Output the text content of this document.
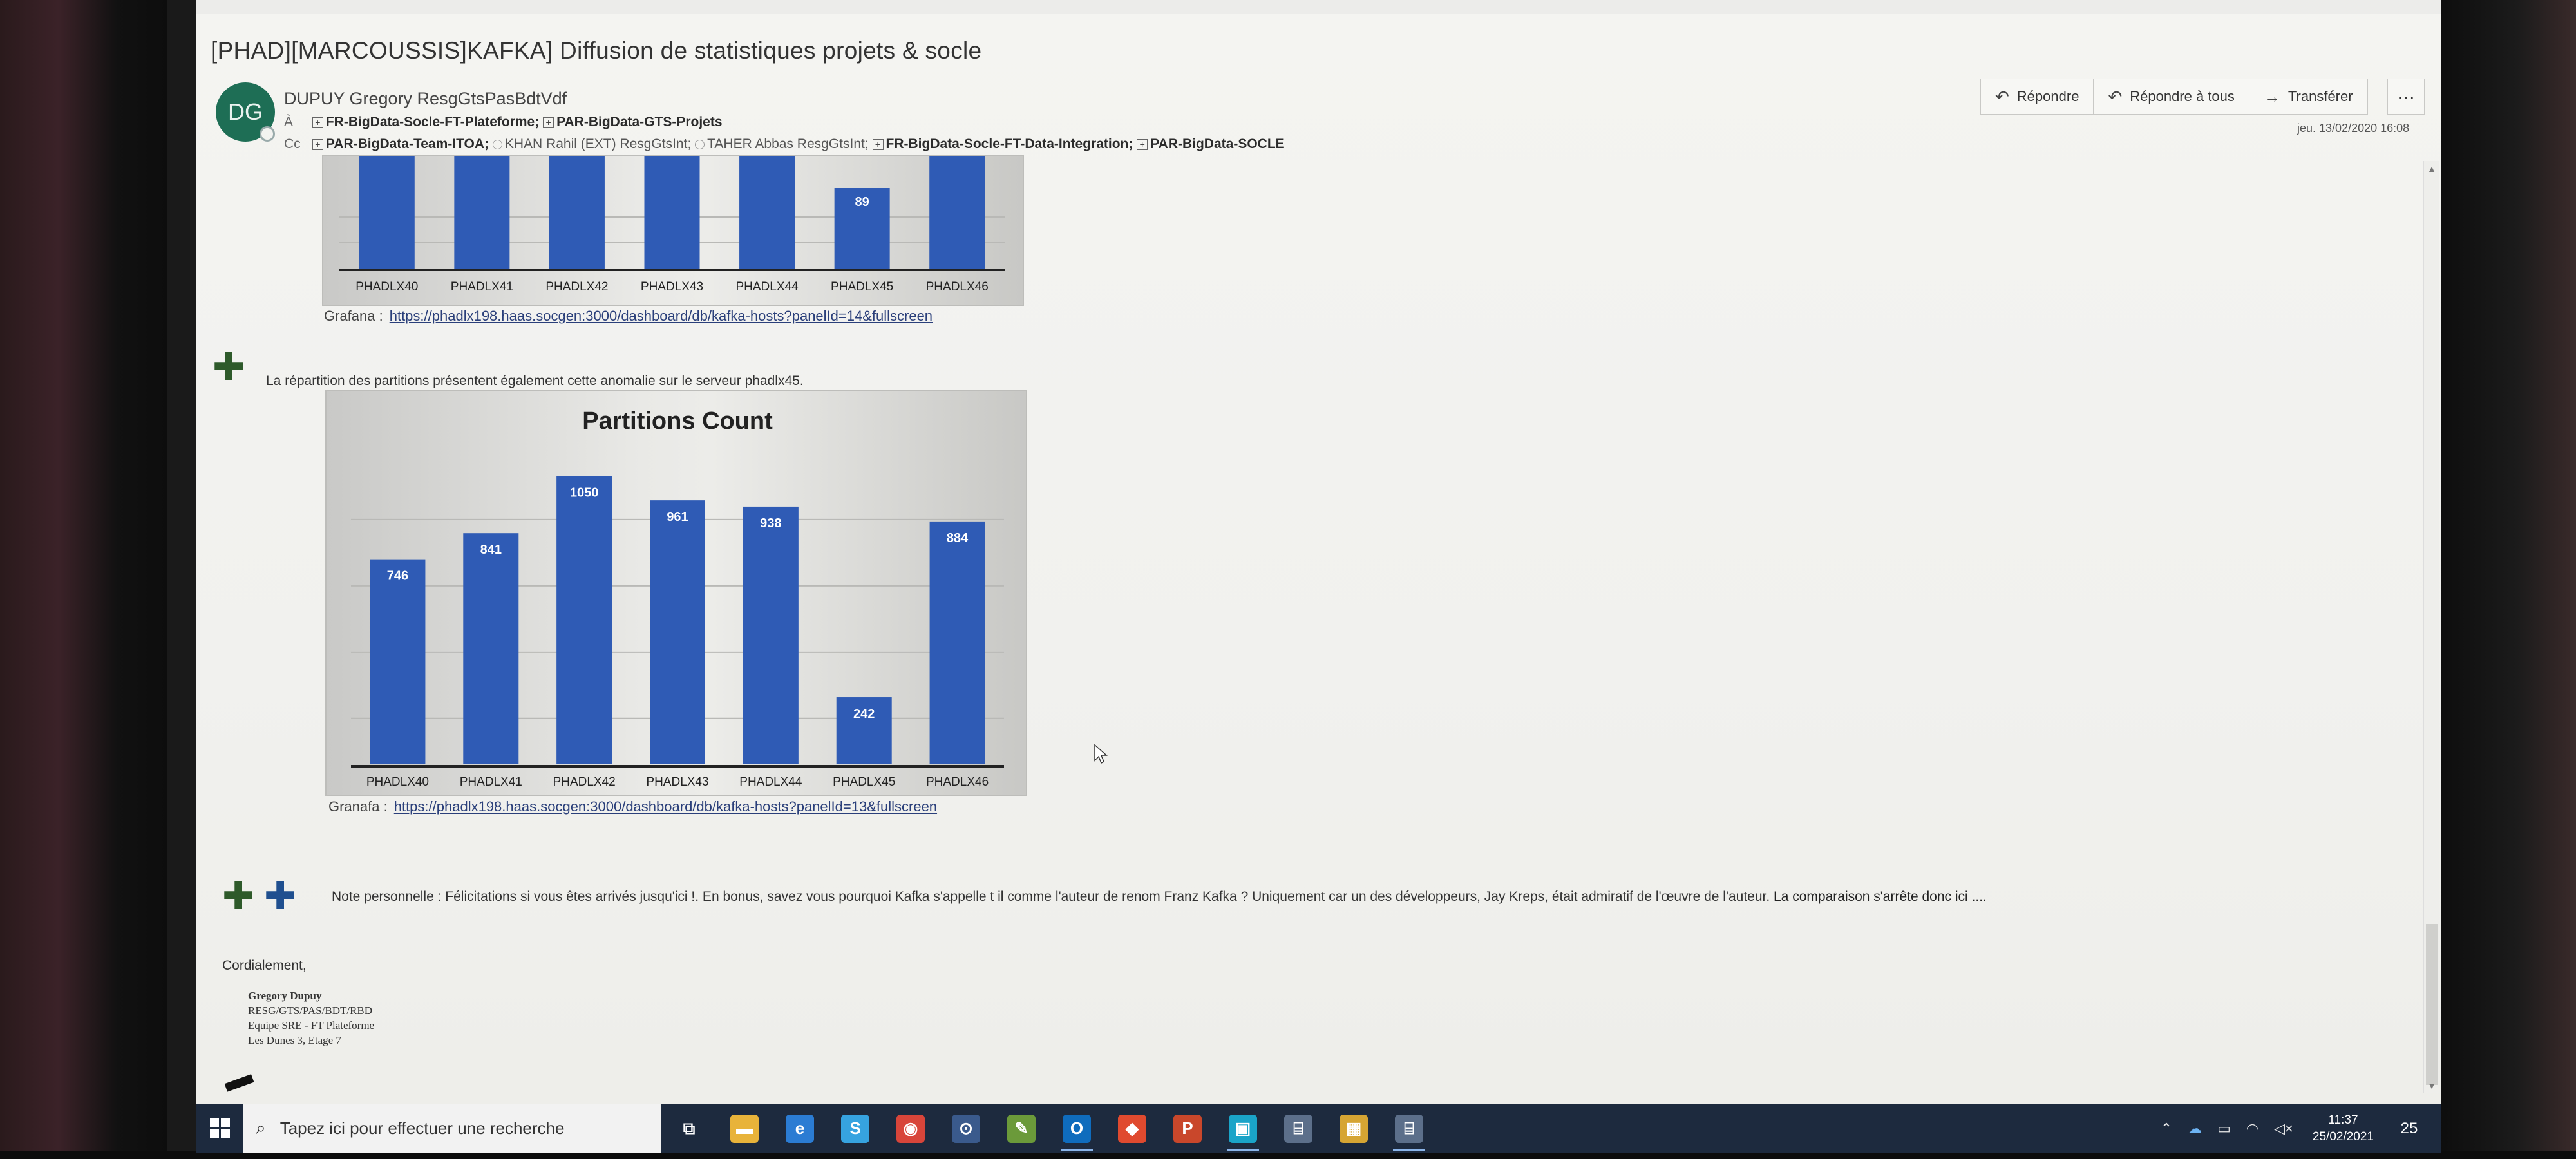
[PHAD][MARCOUSSIS]KAFKA] Diffusion de statistiques projets & socle
DG	DUPUY Gregory ResgGtsPasBdtVdf
À + FR-BigData-Socle-FT-Plateforme; + PAR-BigData-GTS-Projets
Cc + PAR-BigData-Team-ITOA; KHAN Rahil (EXT) ResgGtsInt; TAHER Abbas ResgGtsInt; + FR-BigData-Socle-FT-Data-Integration; + PAR-BigData-SOCLE
↶ Répondre ↶ Répondre à tous → Transférer	···
jeu. 13/02/2020 16:08
PHADLX40	PHADLX41	PHADLX42	PHADLX43	PHADLX44
89
PHADLX45	PHADLX46
Grafana : https://phadlx198.haas.socgen:3000/dashboard/db/kafka-hosts?panelId=14&fullscreen
✚ La répartition des partitions présentent également cette anomalie sur le serveur phadlx45.
Partitions Count
746
PHADLX40
841
PHADLX41
1050
PHADLX42
961
PHADLX43
938
PHADLX44
242
PHADLX45
884
PHADLX46
Granafa : https://phadlx198.haas.socgen:3000/dashboard/db/kafka-hosts?panelId=13&fullscreen
✚ ✚	Note personnelle : Félicitations si vous êtes arrivés jusqu'ici !. En bonus, savez vous pourquoi Kafka s'appelle t il comme l'auteur de renom Franz Kafka ? Uniquement car un des développeurs, Jay Kreps, était admiratif de l'œuvre de l'auteur. La comparaison s'arrête donc ici ....
Cordialement,
Gregory Dupuy
RESG/GTS/PAS/BDT/RBD
Equipe SRE - FT Plateforme
Les Dunes 3, Etage 7
▬
▲
▼
⌕ Tapez ici pour effectuer une recherche	⧉	▬	e	S	◉	⊙	✎	O	◆	P	▣	⌸	▦	⌸	⌃ ☁ ▭ ◠ ◁×
11:37
25/02/2021 25
